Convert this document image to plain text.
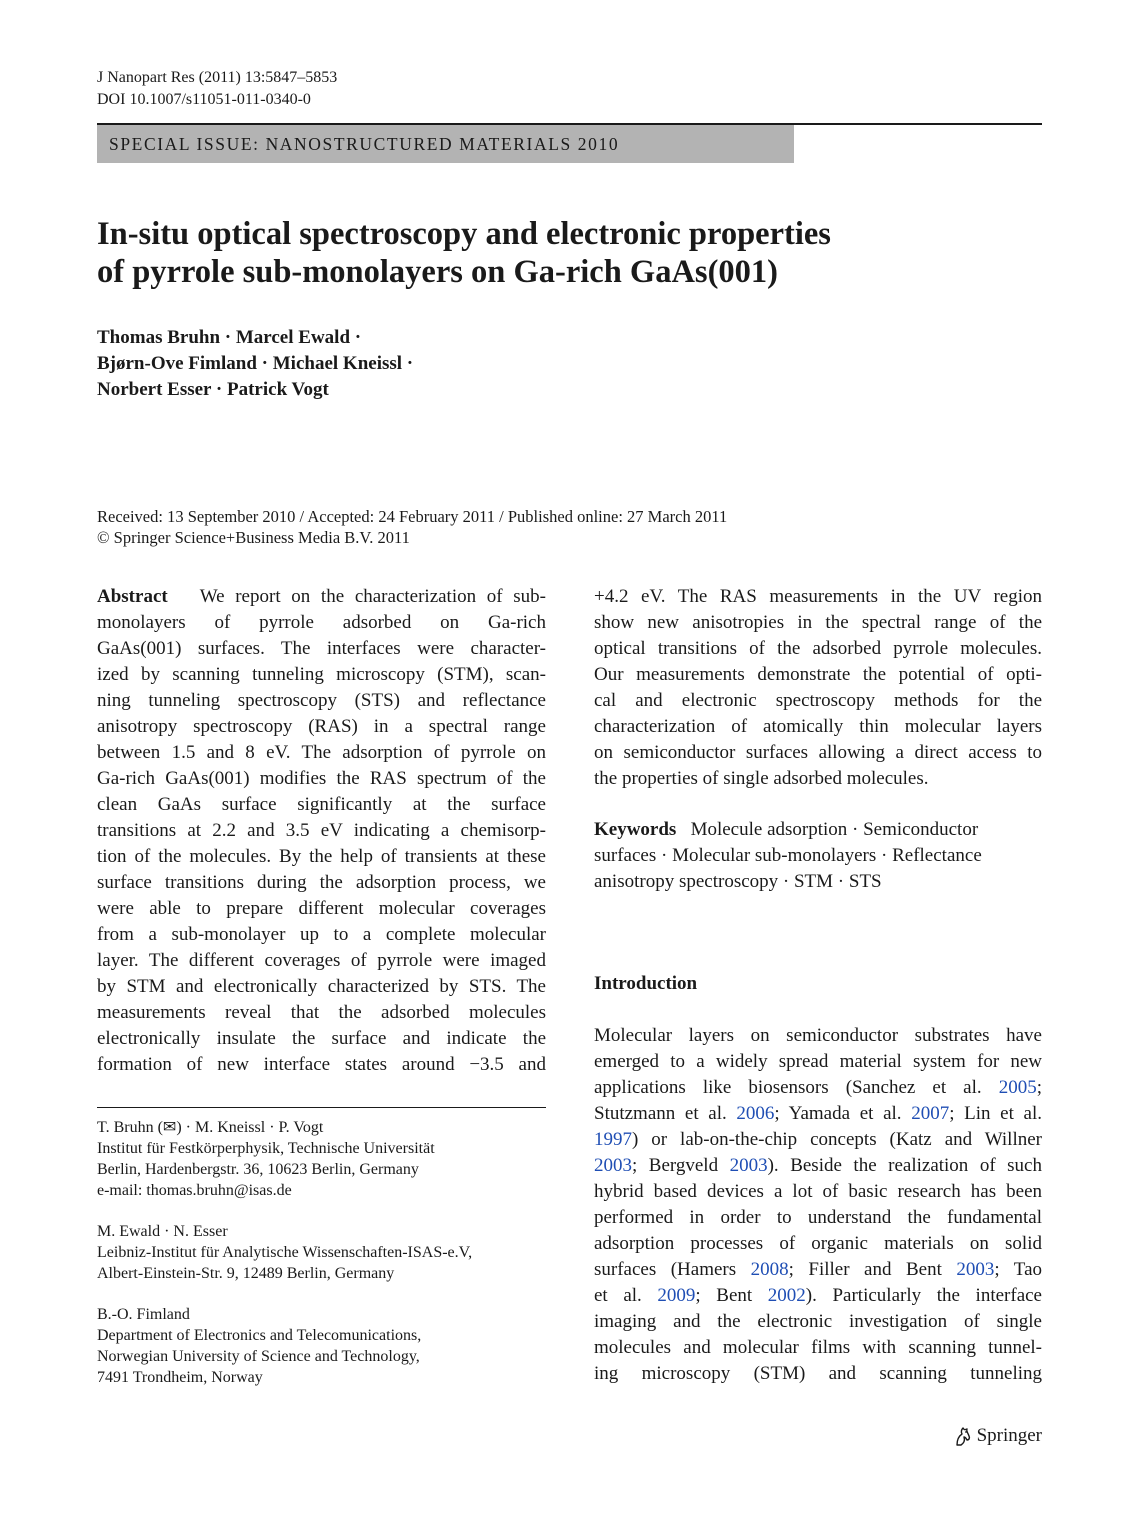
J Nanopart Res (2011) 13:5847–5853
DOI 10.1007/s11051-011-0340-0
SPECIAL ISSUE: NANOSTRUCTURED MATERIALS 2010
In-situ optical spectroscopy and electronic properties
of pyrrole sub-monolayers on Ga-rich GaAs(001)
Thomas Bruhn · Marcel Ewald ·
Bjørn-Ove Fimland · Michael Kneissl ·
Norbert Esser · Patrick Vogt
Received: 13 September 2010 / Accepted: 24 February 2011 / Published online: 27 March 2011
© Springer Science+Business Media B.V. 2011
Abstract We report on the characterization of sub-
monolayers of pyrrole adsorbed on Ga-rich
GaAs(001) surfaces. The interfaces were character-
ized by scanning tunneling microscopy (STM), scan-
ning tunneling spectroscopy (STS) and reflectance
anisotropy spectroscopy (RAS) in a spectral range
between 1.5 and 8 eV. The adsorption of pyrrole on
Ga-rich GaAs(001) modifies the RAS spectrum of the
clean GaAs surface significantly at the surface
transitions at 2.2 and 3.5 eV indicating a chemisorp-
tion of the molecules. By the help of transients at these
surface transitions during the adsorption process, we
were able to prepare different molecular coverages
from a sub-monolayer up to a complete molecular
layer. The different coverages of pyrrole were imaged
by STM and electronically characterized by STS. The
measurements reveal that the adsorbed molecules
electronically insulate the surface and indicate the
formation of new interface states around −3.5 and
+4.2 eV. The RAS measurements in the UV region
show new anisotropies in the spectral range of the
optical transitions of the adsorbed pyrrole molecules.
Our measurements demonstrate the potential of opti-
cal and electronic spectroscopy methods for the
characterization of atomically thin molecular layers
on semiconductor surfaces allowing a direct access to
the properties of single adsorbed molecules.
Keywords Molecule adsorption · Semiconductor
surfaces · Molecular sub-monolayers · Reflectance
anisotropy spectroscopy · STM · STS
Introduction
Molecular layers on semiconductor substrates have
emerged to a widely spread material system for new
applications like biosensors (Sanchez et al. 2005;
Stutzmann et al. 2006; Yamada et al. 2007; Lin et al.
1997) or lab-on-the-chip concepts (Katz and Willner
2003; Bergveld 2003). Beside the realization of such
hybrid based devices a lot of basic research has been
performed in order to understand the fundamental
adsorption processes of organic materials on solid
surfaces (Hamers 2008; Filler and Bent 2003; Tao
et al. 2009; Bent 2002). Particularly the interface
imaging and the electronic investigation of single
molecules and molecular films with scanning tunnel-
ing microscopy (STM) and scanning tunneling

T. Bruhn (✉) · M. Kneissl · P. Vogt

Institut für Festkörperphysik, Technische Universität

Berlin, Hardenbergstr. 36, 10623 Berlin, Germany

e-mail: thomas.bruhn@isas.de

M. Ewald · N. Esser

Leibniz-Institut für Analytische Wissenschaften-ISAS-e.V,

Albert-Einstein-Str. 9, 12489 Berlin, Germany

B.-O. Fimland

Department of Electronics and Telecomunications,

Norwegian University of Science and Technology,

7491 Trondheim, Norway

Springer
